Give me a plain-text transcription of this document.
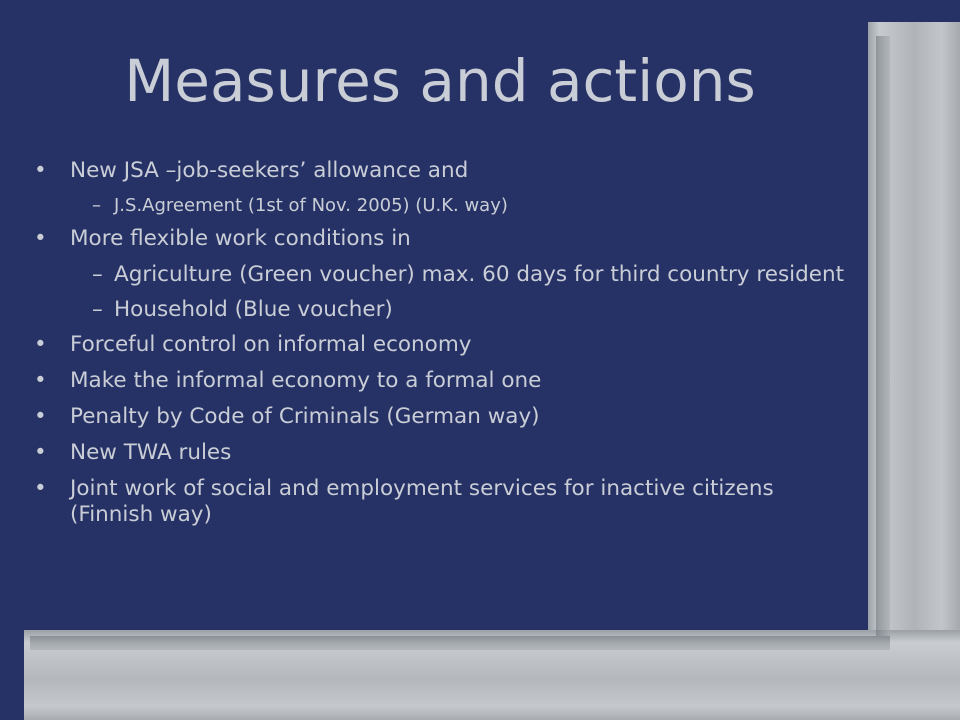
Measures and actions
• New JSA –job-seekers’ allowance and
– J.S.Agreement (1st of Nov. 2005) (U.K. way)
• More flexible work conditions in
– Agriculture (Green voucher) max. 60 days for third country resident
– Household (Blue voucher)
• Forceful control on informal economy
• Make the informal economy to a formal one
• Penalty by Code of Criminals (German way)
• New TWA rules
• Joint work of social and employment services for inactive citizens (Finnish way)
